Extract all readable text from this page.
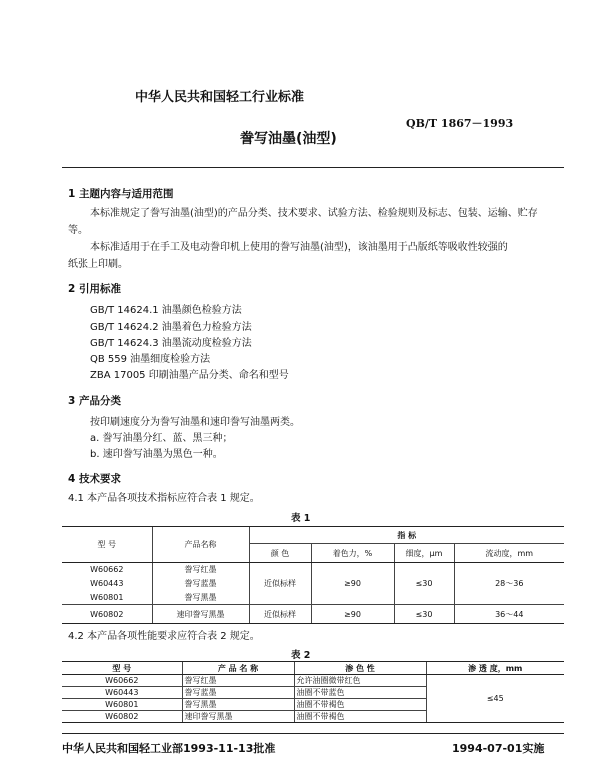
中华人民共和国轻工行业标准
QB/T 1867－1993
誊写油墨(油型)
1 主题内容与适用范围
本标准规定了誊写油墨(油型)的产品分类、技术要求、试验方法、检验规则及标志、包装、运输、贮存
等。
本标准适用于在手工及电动誊印机上使用的誊写油墨(油型)，该油墨用于凸版纸等吸收性较强的
纸张上印刷。
2 引用标准
GB/T 14624.1 油墨颜色检验方法
GB/T 14624.2 油墨着色力检验方法
GB/T 14624.3 油墨流动度检验方法
QB 559 油墨细度检验方法
ZBA 17005 印刷油墨产品分类、命名和型号
3 产品分类
按印刷速度分为誊写油墨和速印誊写油墨两类。
a. 誊写油墨分红、蓝、黑三种；
b. 速印誊写油墨为黑色一种。
4 技术要求
4.1 本产品各项技术指标应符合表 1 规定。
表 1
型 号	产品名称	指 标			
		颜 色	着色力，%	细度，μm	流动度，mm
W60662	誊写红墨	近似标样	≥90	≤30	28～36
W60443	誊写蓝墨				
W60801	誊写黑墨				
W60802	速印誊写黑墨	近似标样	≥90	≤30	36～44
4.2 本产品各项性能要求应符合表 2 规定。
表 2
型 号	产 品 名 称	渗 色 性	渗 透 度，mm
W60662	誊写红墨	允许油圈微带红色	≤45
W60443	誊写蓝墨	油圈不带蓝色	
W60801	誊写黑墨	油圈不带褐色	
W60802	速印誊写黑墨	油圈不带褐色	
中华人民共和国轻工业部1993-11-13批准	1994-07-01实施
